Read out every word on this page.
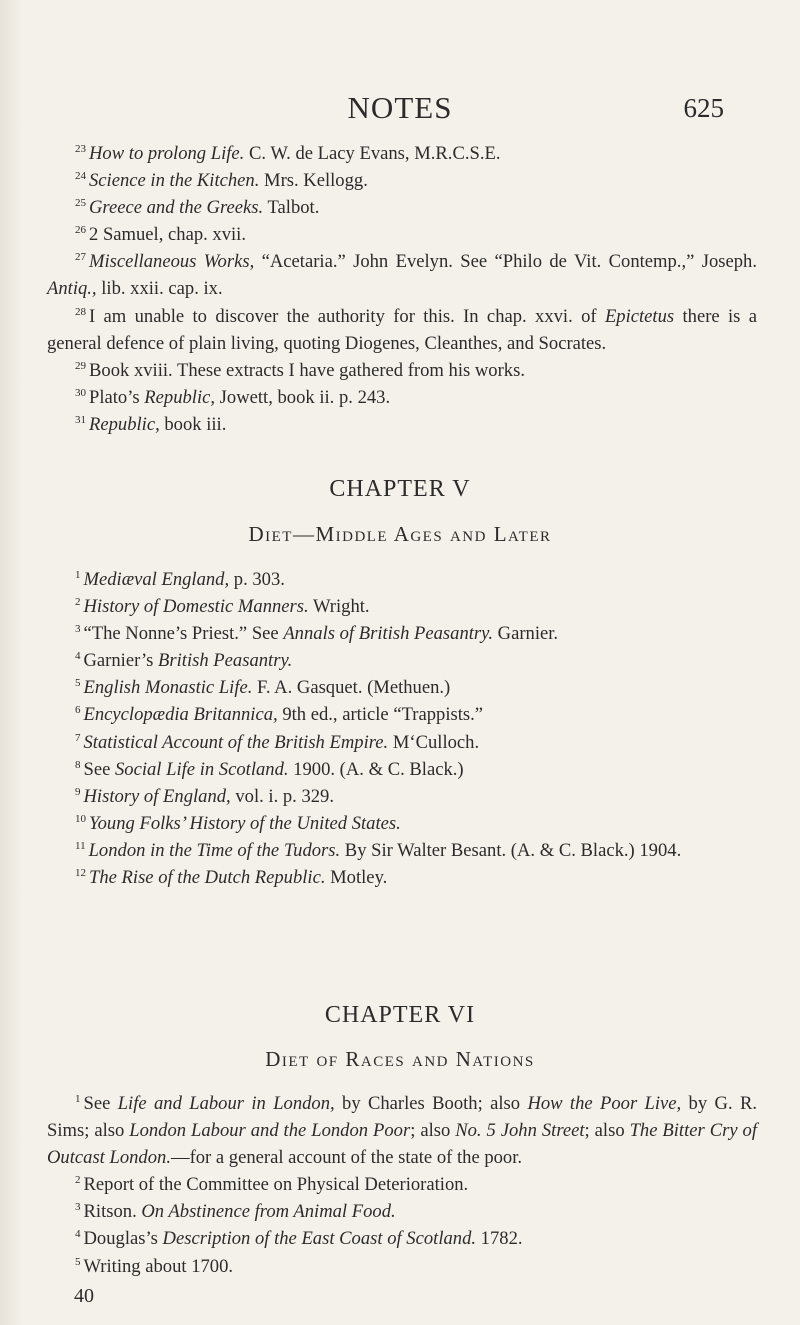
NOTES	625

$^{23}$ How to prolong Life. C. W. de Lacy Evans, M.R.C.S.E.

$^{24}$ Science in the Kitchen. Mrs. Kellogg.

$^{25}$ Greece and the Greeks. Talbot.

$^{26}$ 2 Samuel, chap. xvii.

$^{27}$ Miscellaneous Works, “Acetaria.” John Evelyn. See “Philo de Vit. Contemp.,” Joseph. Antiq., lib. xxii. cap. ix.

$^{28}$ I am unable to discover the authority for this. In chap. xxvi. of Epictetus there is a general defence of plain living, quoting Diogenes, Cleanthes, and Socrates.

$^{29}$ Book xviii. These extracts I have gathered from his works.

$^{30}$ Plato’s Republic, Jowett, book ii. p. 243.

$^{31}$ Republic, book iii.

CHAPTER V
Diet—Middle Ages and Later

$^1$ Mediæval England, p. 303.

$^2$ History of Domestic Manners. Wright.

$^3$ “The Nonne’s Priest.” See Annals of British Peasantry. Garnier.

$^4$ Garnier’s British Peasantry.

$^5$ English Monastic Life. F. A. Gasquet. (Methuen.)

$^6$ Encyclopædia Britannica, 9th ed., article “Trappists.”

$^7$ Statistical Account of the British Empire. M‘Culloch.

$^8$ See Social Life in Scotland. 1900. (A. & C. Black.)

$^9$ History of England, vol. i. p. 329.

$^{10}$ Young Folks’ History of the United States.

$^{11}$ London in the Time of the Tudors. By Sir Walter Besant. (A. & C. Black.) 1904.

$^{12}$ The Rise of the Dutch Republic. Motley.

CHAPTER VI
Diet of Races and Nations

$^1$ See Life and Labour in London, by Charles Booth; also How the Poor Live, by G. R. Sims; also London Labour and the London Poor; also No. 5 John Street; also The Bitter Cry of Outcast London.—for a general account of the state of the poor.

$^2$ Report of the Committee on Physical Deterioration.

$^3$ Ritson. On Abstinence from Animal Food.

$^4$ Douglas’s Description of the East Coast of Scotland. 1782.

$^5$ Writing about 1700.

40
